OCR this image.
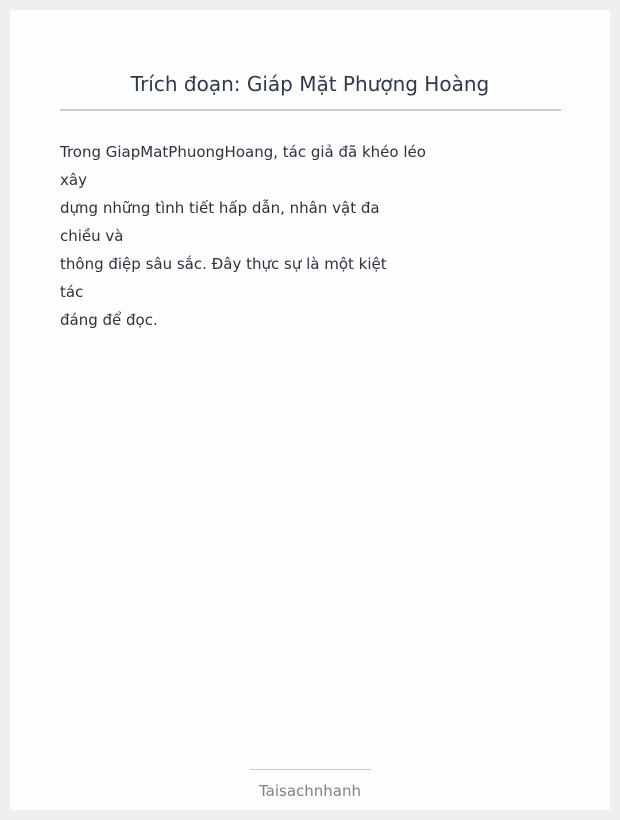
Trích đoạn: Giáp Mặt Phượng Hoàng
Trong GiapMatPhuongHoang, tác giả đã khéo léo
xây
dựng những tình tiết hấp dẫn, nhân vật đa
chiều và
thông điệp sâu sắc. Đây thực sự là một kiệt
tác
đáng để đọc.
Taisachnhanh
